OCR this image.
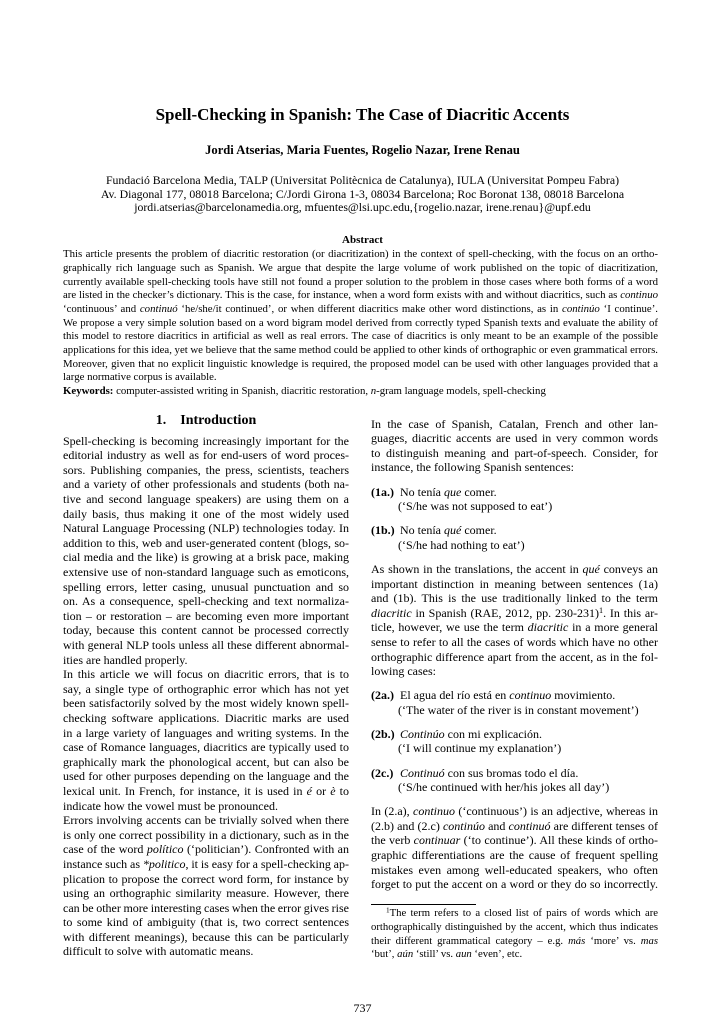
Spell-Checking in Spanish: The Case of Diacritic Accents
Jordi Atserias, Maria Fuentes, Rogelio Nazar, Irene Renau
Fundació Barcelona Media, TALP (Universitat Politècnica de Catalunya), IULA (Universitat Pompeu Fabra)
Av. Diagonal 177, 08018 Barcelona; C/Jordi Girona 1-3, 08034 Barcelona; Roc Boronat 138, 08018 Barcelona
jordi.atserias@barcelonamedia.org, mfuentes@lsi.upc.edu,{rogelio.nazar, irene.renau}@upf.edu
Abstract
This article presents the problem of diacritic restoration (or diacritization) in the context of spell-checking, with the focus on an ortho-
graphically rich language such as Spanish. We argue that despite the large volume of work published on the topic of diacritization,
currently available spell-checking tools have still not found a proper solution to the problem in those cases where both forms of a word
are listed in the checker’s dictionary. This is the case, for instance, when a word form exists with and without diacritics, such as continuo
‘continuous’ and continuó ‘he/she/it continued’, or when different diacritics make other word distinctions, as in continúo ‘I continue’.
We propose a very simple solution based on a word bigram model derived from correctly typed Spanish texts and evaluate the ability of
this model to restore diacritics in artificial as well as real errors. The case of diacritics is only meant to be an example of the possible
applications for this idea, yet we believe that the same method could be applied to other kinds of orthographic or even grammatical errors.
Moreover, given that no explicit linguistic knowledge is required, the proposed model can be used with other languages provided that a
large normative corpus is available.
Keywords: computer-assisted writing in Spanish, diacritic restoration, n-gram language models, spell-checking
1. Introduction
Spell-checking is becoming increasingly important for the
editorial industry as well as for end-users of word proces-
sors. Publishing companies, the press, scientists, teachers
and a variety of other professionals and students (both na-
tive and second language speakers) are using them on a
daily basis, thus making it one of the most widely used
Natural Language Processing (NLP) technologies today. In
addition to this, web and user-generated content (blogs, so-
cial media and the like) is growing at a brisk pace, making
extensive use of non-standard language such as emoticons,
spelling errors, letter casing, unusual punctuation and so
on. As a consequence, spell-checking and text normaliza-
tion – or restoration – are becoming even more important
today, because this content cannot be processed correctly
with general NLP tools unless all these different abnormal-
ities are handled properly.
In this article we will focus on diacritic errors, that is to
say, a single type of orthographic error which has not yet
been satisfactorily solved by the most widely known spell-
checking software applications. Diacritic marks are used
in a large variety of languages and writing systems. In the
case of Romance languages, diacritics are typically used to
graphically mark the phonological accent, but can also be
used for other purposes depending on the language and the
lexical unit. In French, for instance, it is used in é or è to
indicate how the vowel must be pronounced.
Errors involving accents can be trivially solved when there
is only one correct possibility in a dictionary, such as in the
case of the word político (‘politician’). Confronted with an
instance such as *politico, it is easy for a spell-checking ap-
plication to propose the correct word form, for instance by
using an orthographic similarity measure. However, there
can be other more interesting cases when the error gives rise
to some kind of ambiguity (that is, two correct sentences
with different meanings), because this can be particularly
difficult to solve with automatic means.
In the case of Spanish, Catalan, French and other lan-
guages, diacritic accents are used in very common words
to distinguish meaning and part-of-speech. Consider, for
instance, the following Spanish sentences:
(1a.) No tenía que comer.
(‘S/he was not supposed to eat’)
(1b.) No tenía qué comer.
(‘S/he had nothing to eat’)
As shown in the translations, the accent in qué conveys an
important distinction in meaning between sentences (1a)
and (1b). This is the use traditionally linked to the term
diacritic in Spanish (RAE, 2012, pp. 230-231)$^1$. In this ar-
ticle, however, we use the term diacritic in a more general
sense to refer to all the cases of words which have no other
orthographic difference apart from the accent, as in the fol-
lowing cases:
(2a.) El agua del río está en continuo movimiento.
(‘The water of the river is in constant movement’)
(2b.) Continúo con mi explicación.
(‘I will continue my explanation’)
(2c.) Continuó con sus bromas todo el día.
(‘S/he continued with her/his jokes all day’)
In (2.a), continuo (‘continuous’) is an adjective, whereas in
(2.b) and (2.c) continúo and continuó are different tenses of
the verb continuar (‘to continue’). All these kinds of ortho-
graphic differentiations are the cause of frequent spelling
mistakes even among well-educated speakers, who often
forget to put the accent on a word or they do so incorrectly.
$^1$The term refers to a closed list of pairs of words which are
orthographically distinguished by the accent, which thus indicates
their different grammatical category – e.g. más ‘more’ vs. mas
‘but’, aún ‘still’ vs. aun ‘even’, etc.
737
